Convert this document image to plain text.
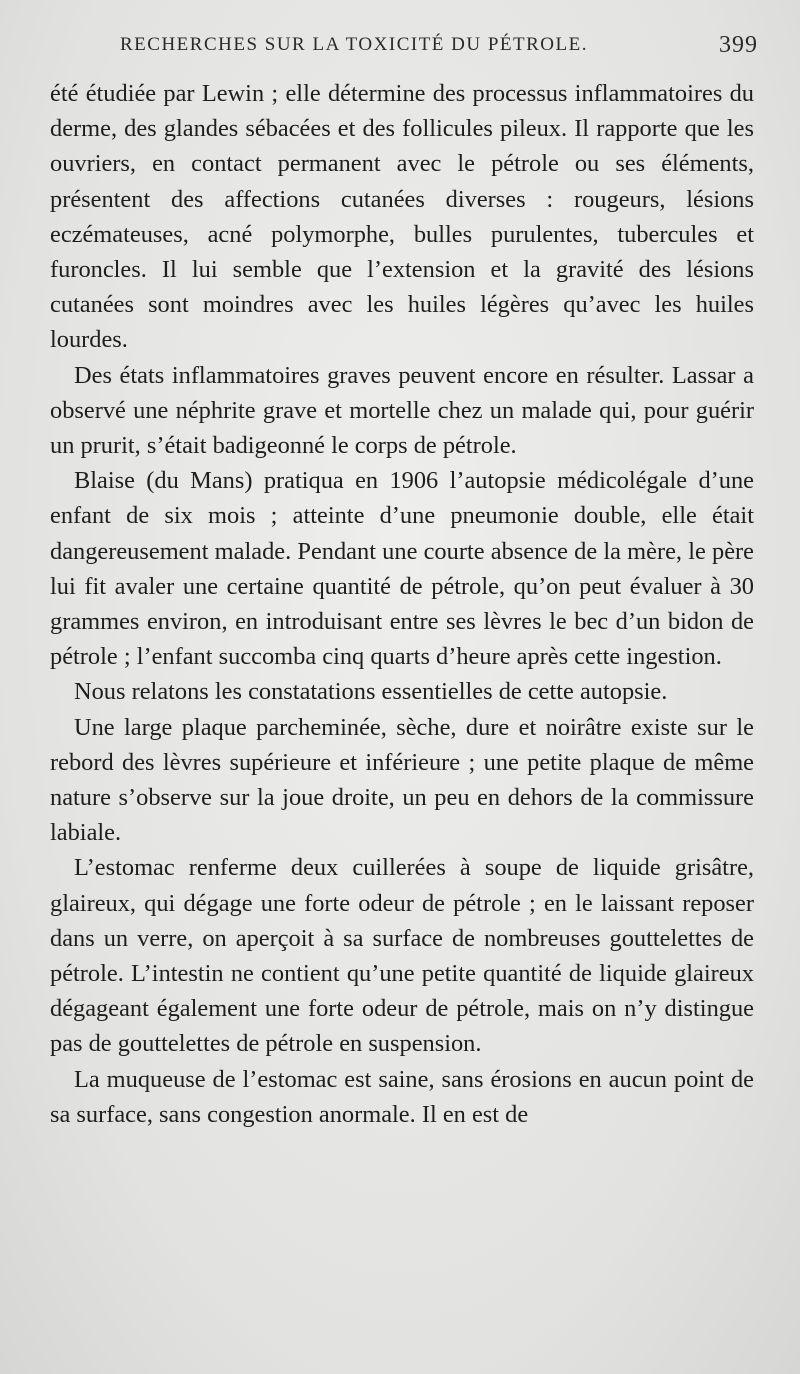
RECHERCHES SUR LA TOXICITÉ DU PÉTROLE.	399

été étudiée par Lewin ; elle détermine des processus inflammatoires du derme, des glandes sébacées et des follicules pileux. Il rapporte que les ouvriers, en contact permanent avec le pétrole ou ses éléments, présentent des affections cutanées diverses : rougeurs, lésions eczémateuses, acné polymorphe, bulles purulentes, tubercules et furoncles. Il lui semble que l’extension et la gravité des lésions cutanées sont moindres avec les huiles légères qu’avec les huiles lourdes.

Des états inflammatoires graves peuvent encore en résulter. Lassar a observé une néphrite grave et mortelle chez un malade qui, pour guérir un prurit, s’était badigeonné le corps de pétrole.

Blaise (du Mans) pratiqua en 1906 l’autopsie médicolégale d’une enfant de six mois ; atteinte d’une pneumonie double, elle était dangereusement malade. Pendant une courte absence de la mère, le père lui fit avaler une certaine quantité de pétrole, qu’on peut évaluer à 30 grammes environ, en introduisant entre ses lèvres le bec d’un bidon de pétrole ; l’enfant succomba cinq quarts d’heure après cette ingestion.

Nous relatons les constatations essentielles de cette autopsie.

Une large plaque parcheminée, sèche, dure et noirâtre existe sur le rebord des lèvres supérieure et inférieure ; une petite plaque de même nature s’observe sur la joue droite, un peu en dehors de la commissure labiale.

L’estomac renferme deux cuillerées à soupe de liquide grisâtre, glaireux, qui dégage une forte odeur de pétrole ; en le laissant reposer dans un verre, on aperçoit à sa surface de nombreuses gouttelettes de pétrole. L’intestin ne contient qu’une petite quantité de liquide glaireux dégageant également une forte odeur de pétrole, mais on n’y distingue pas de gouttelettes de pétrole en suspension.

La muqueuse de l’estomac est saine, sans érosions en aucun point de sa surface, sans congestion anormale. Il en est de
